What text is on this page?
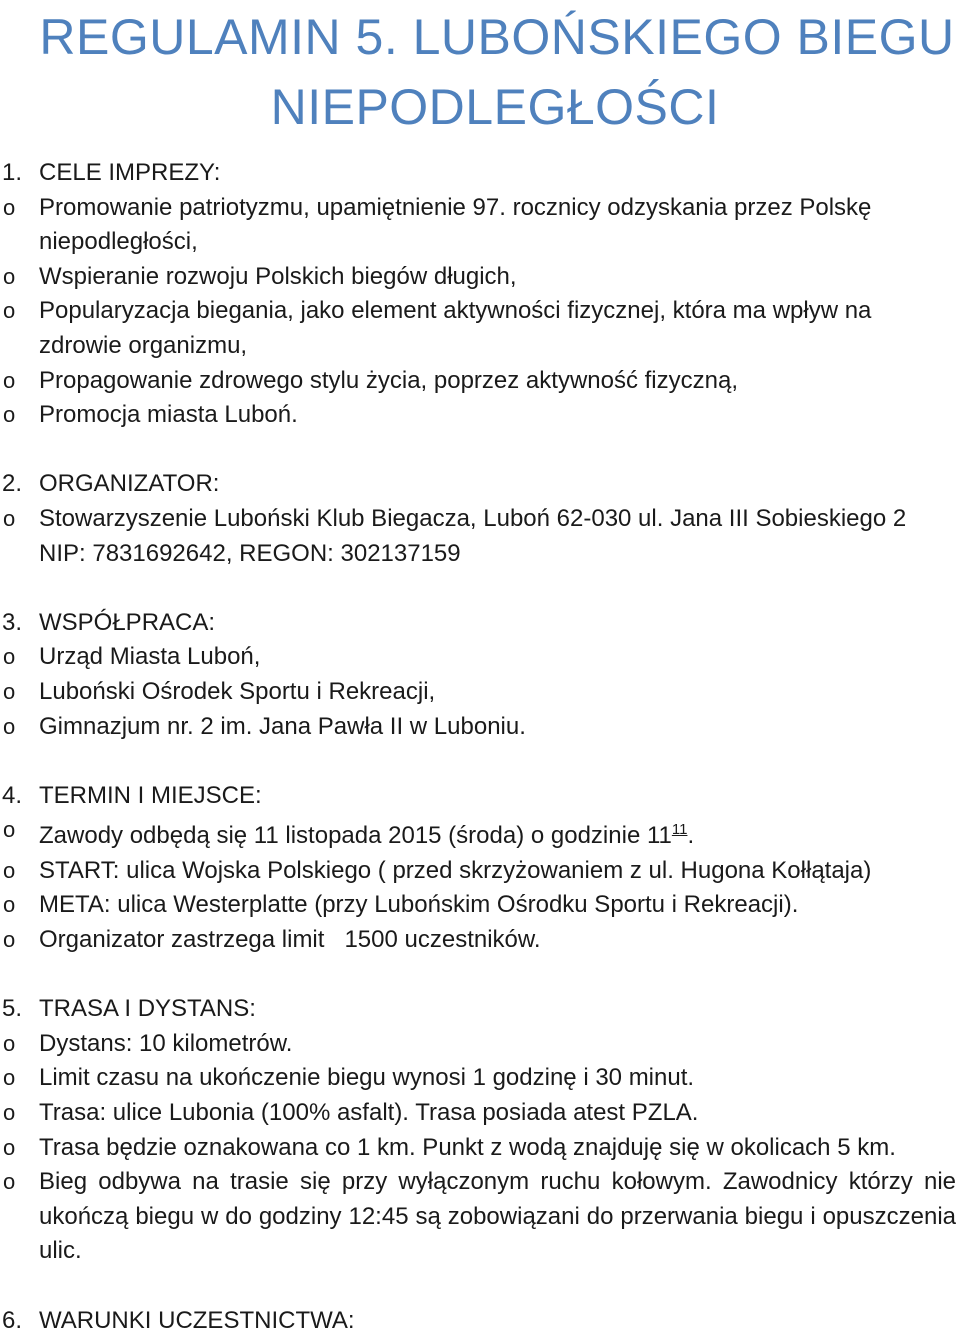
REGULAMIN 5. LUBOŃSKIEGO BIEGU
NIEPODLEGŁOŚCI
1. CELE IMPREZY:
o Promowanie patriotyzmu, upamiętnienie 97. rocznicy odzyskania przez Polskę niepodległości,
o Wspieranie rozwoju Polskich biegów długich,
o Popularyzacja biegania, jako element aktywności fizycznej, która ma wpływ na zdrowie organizmu,
o Propagowanie zdrowego stylu życia, poprzez aktywność fizyczną,
o Promocja miasta Luboń.
2. ORGANIZATOR:
o Stowarzyszenie Luboński Klub Biegacza, Luboń 62-030 ul. Jana III Sobieskiego 2
NIP: 7831692642, REGON: 302137159
3. WSPÓŁPRACA:
o Urząd Miasta Luboń,
o Luboński Ośrodek Sportu i Rekreacji,
o Gimnazjum nr. 2 im. Jana Pawła II w Luboniu.
4. TERMIN I MIEJSCE:
o Zawody odbędą się 11 listopada 2015 (środa) o godzinie $11^{11}$.
o START: ulica Wojska Polskiego ( przed skrzyżowaniem z ul. Hugona Kołłątaja)
o META: ulica Westerplatte (przy Lubońskim Ośrodku Sportu i Rekreacji).
o Organizator zastrzega limit   1500 uczestników.
5. TRASA I DYSTANS:
o Dystans: 10 kilometrów.
o Limit czasu na ukończenie biegu wynosi 1 godzinę i 30 minut.
o Trasa: ulice Lubonia (100% asfalt). Trasa posiada atest PZLA.
o Trasa będzie oznakowana co 1 km. Punkt z wodą znajduję się w okolicach 5 km.
o Bieg odbywa na trasie się przy wyłączonym ruchu kołowym. Zawodnicy którzy nie ukończą biegu w do godziny 12:45 są zobowiązani do przerwania biegu i opuszczenia ulic.
6. WARUNKI UCZESTNICTWA:
